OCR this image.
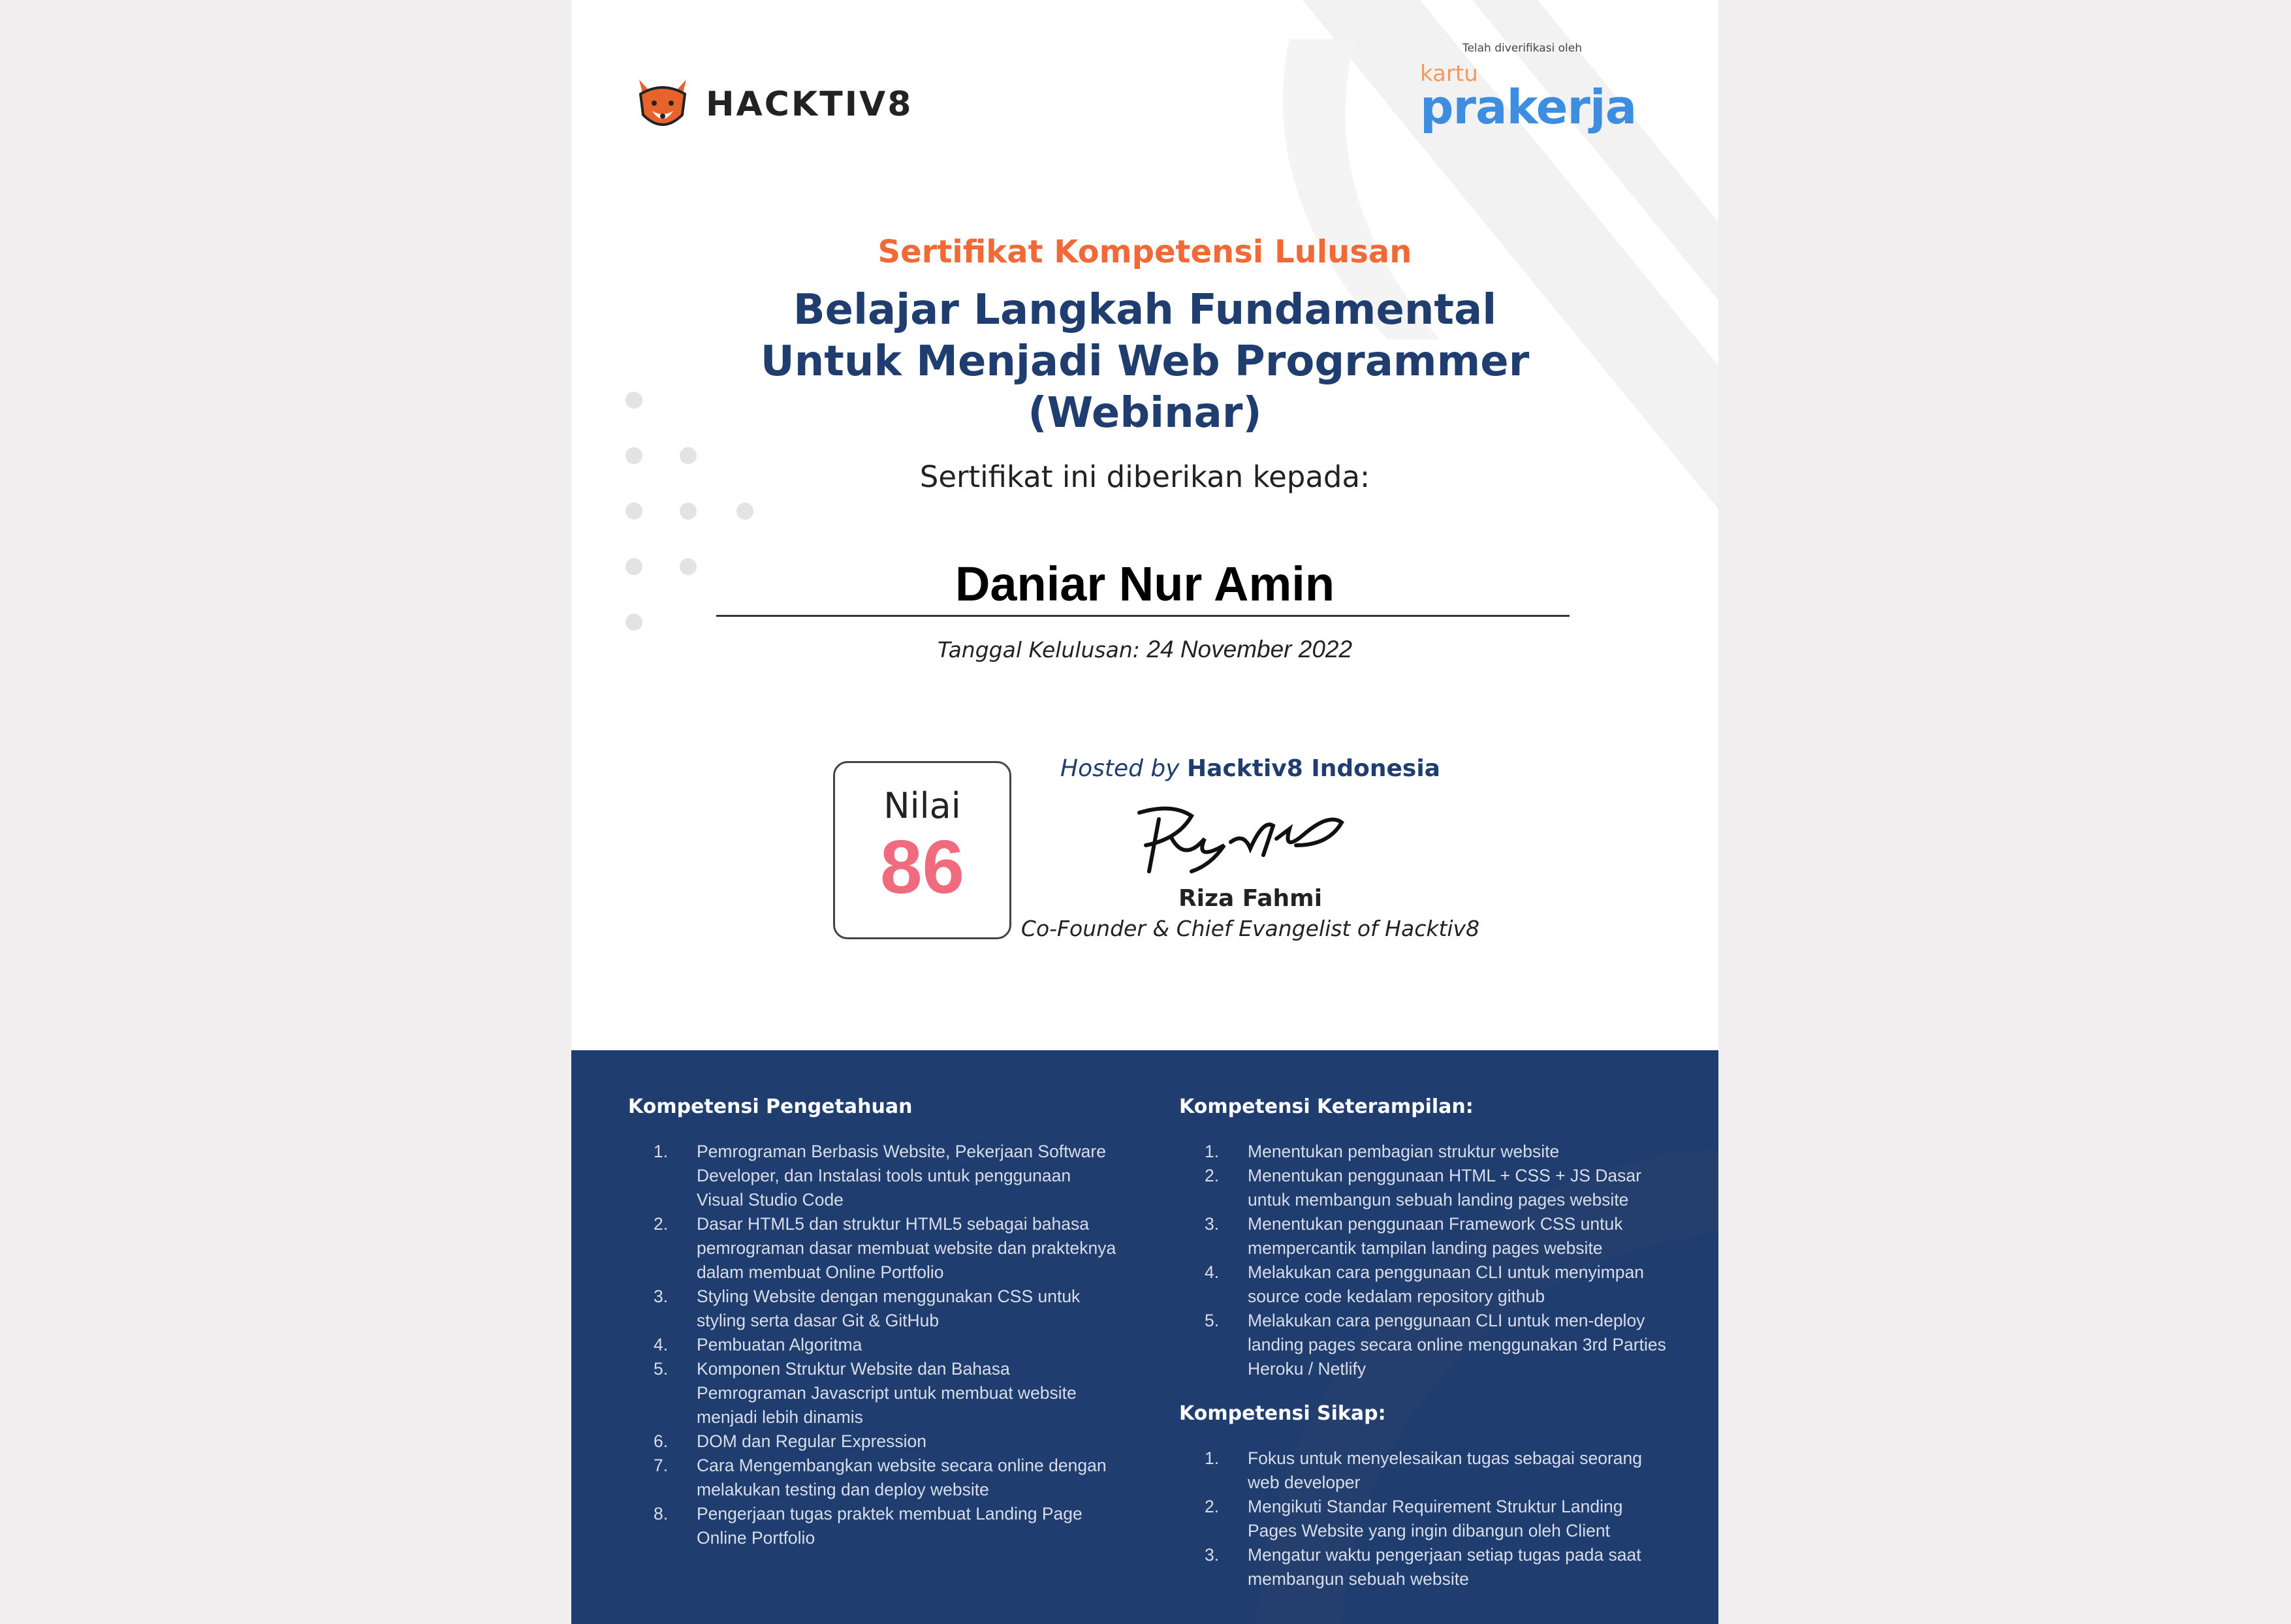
HACKTIV8
Telah diverifikasi oleh
kartu
prakerja
Sertifikat Kompetensi Lulusan
Belajar Langkah Fundamental
Untuk Menjadi Web Programmer
(Webinar)
Sertifikat ini diberikan kepada:
Daniar Nur Amin
Tanggal Kelulusan: 24 November 2022
Nilai
86
Hosted by Hacktiv8 Indonesia
Riza Fahmi
Co-Founder & Chief Evangelist of Hacktiv8
Kompetensi Pengetahuan
1. Pemrograman Berbasis Website, Pekerjaan Software Developer, dan Instalasi tools untuk penggunaan Visual Studio Code
2. Dasar HTML5 dan struktur HTML5 sebagai bahasa pemrograman dasar membuat website dan prakteknya dalam membuat Online Portfolio
3. Styling Website dengan menggunakan CSS untuk styling serta dasar Git & GitHub
4. Pembuatan Algoritma
5. Komponen Struktur Website dan Bahasa Pemrograman Javascript untuk membuat website menjadi lebih dinamis
6. DOM dan Regular Expression
7. Cara Mengembangkan website secara online dengan melakukan testing dan deploy website
8. Pengerjaan tugas praktek membuat Landing Page Online Portfolio
Kompetensi Keterampilan:
1. Menentukan pembagian struktur website
2. Menentukan penggunaan HTML + CSS + JS Dasar untuk membangun sebuah landing pages website
3. Menentukan penggunaan Framework CSS untuk mempercantik tampilan landing pages website
4. Melakukan cara penggunaan CLI untuk menyimpan source code kedalam repository github
5. Melakukan cara penggunaan CLI untuk men-deploy landing pages secara online menggunakan 3rd Parties Heroku / Netlify
Kompetensi Sikap:
1. Fokus untuk menyelesaikan tugas sebagai seorang web developer
2. Mengikuti Standar Requirement Struktur Landing Pages Website yang ingin dibangun oleh Client
3. Mengatur waktu pengerjaan setiap tugas pada saat membangun sebuah website
